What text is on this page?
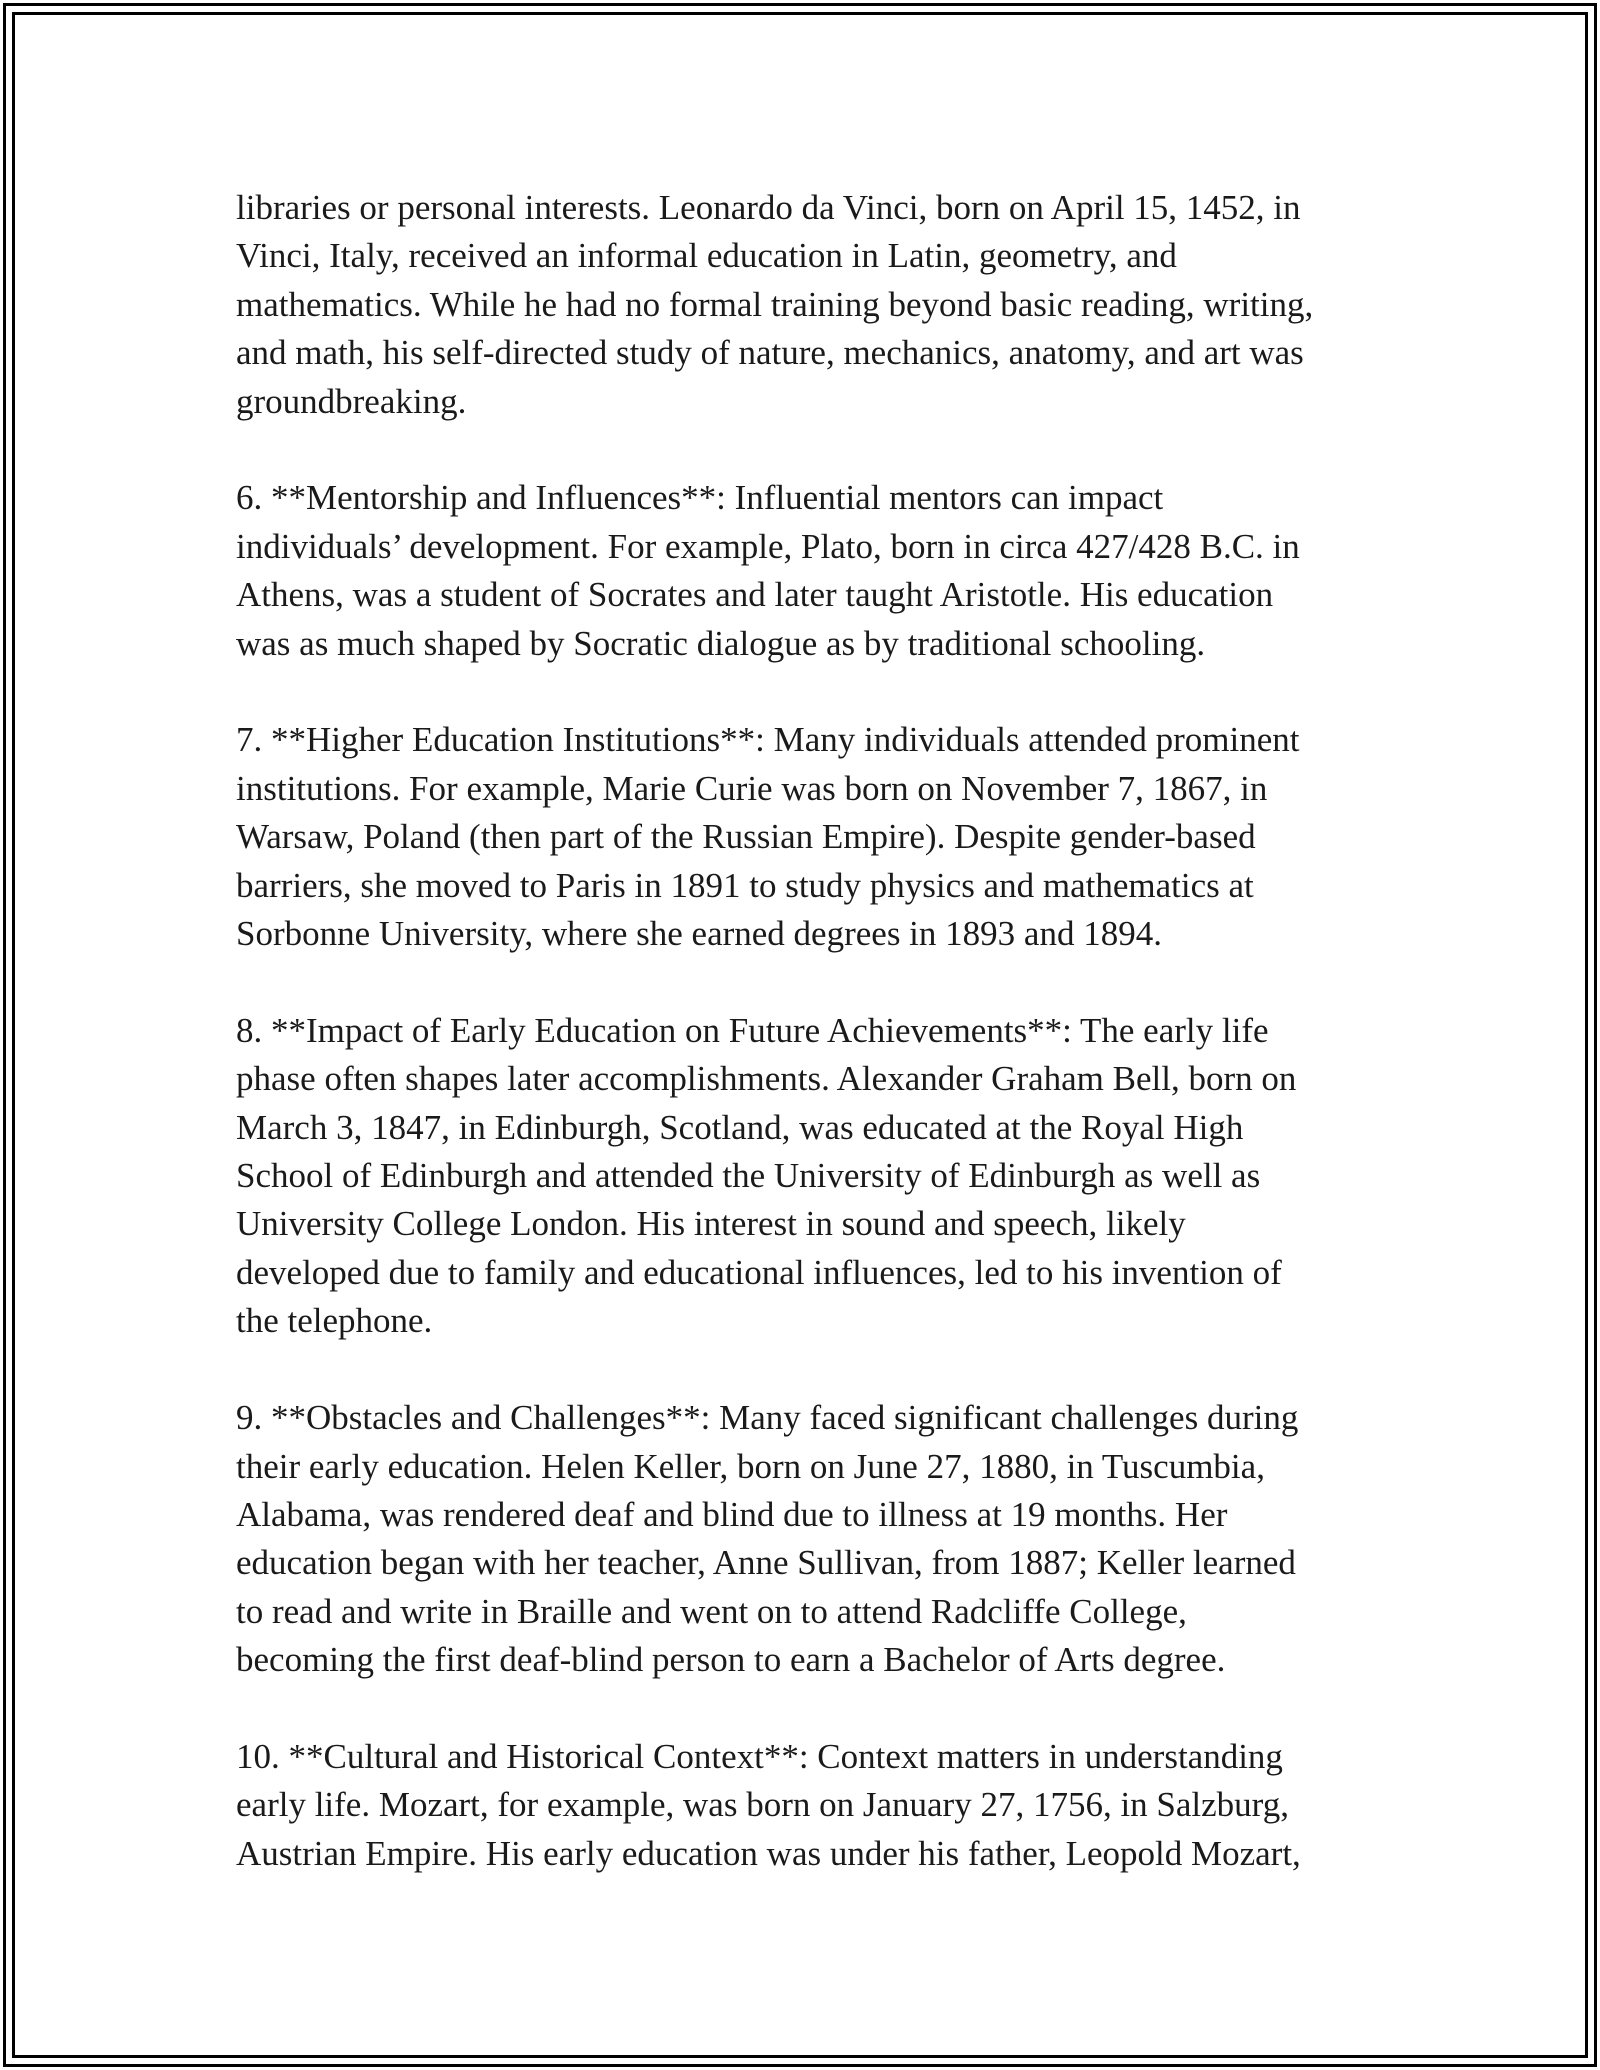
libraries or personal interests. Leonardo da Vinci, born on April 15, 1452, in
Vinci, Italy, received an informal education in Latin, geometry, and
mathematics. While he had no formal training beyond basic reading, writing,
and math, his self-directed study of nature, mechanics, anatomy, and art was
groundbreaking.

6. **Mentorship and Influences**: Influential mentors can impact
individuals’ development. For example, Plato, born in circa 427/428 B.C. in
Athens, was a student of Socrates and later taught Aristotle. His education
was as much shaped by Socratic dialogue as by traditional schooling.

7. **Higher Education Institutions**: Many individuals attended prominent
institutions. For example, Marie Curie was born on November 7, 1867, in
Warsaw, Poland (then part of the Russian Empire). Despite gender-based
barriers, she moved to Paris in 1891 to study physics and mathematics at
Sorbonne University, where she earned degrees in 1893 and 1894.

8. **Impact of Early Education on Future Achievements**: The early life
phase often shapes later accomplishments. Alexander Graham Bell, born on
March 3, 1847, in Edinburgh, Scotland, was educated at the Royal High
School of Edinburgh and attended the University of Edinburgh as well as
University College London. His interest in sound and speech, likely
developed due to family and educational influences, led to his invention of
the telephone.

9. **Obstacles and Challenges**: Many faced significant challenges during
their early education. Helen Keller, born on June 27, 1880, in Tuscumbia,
Alabama, was rendered deaf and blind due to illness at 19 months. Her
education began with her teacher, Anne Sullivan, from 1887; Keller learned
to read and write in Braille and went on to attend Radcliffe College,
becoming the first deaf-blind person to earn a Bachelor of Arts degree.

10. **Cultural and Historical Context**: Context matters in understanding
early life. Mozart, for example, was born on January 27, 1756, in Salzburg,
Austrian Empire. His early education was under his father, Leopold Mozart,
